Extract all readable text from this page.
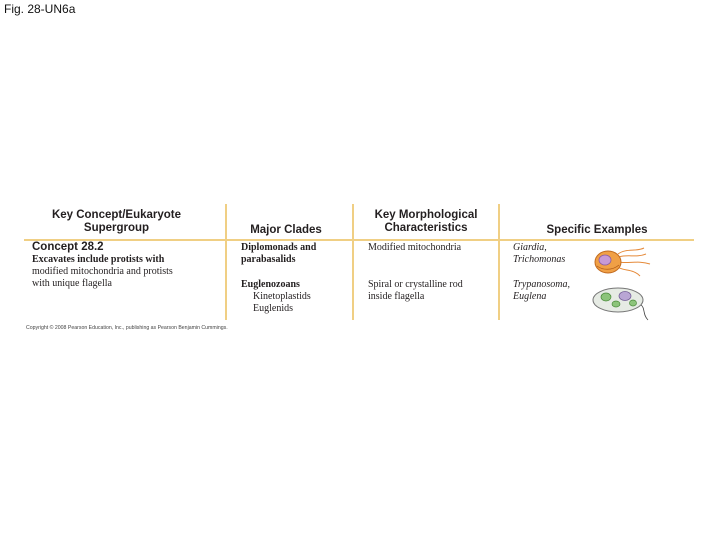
Fig. 28-UN6a
Key Concept/Eukaryote
Supergroup	Major Clades
Key Morphological
Characteristics	Specific Examples
Concept 28.2
Excavates include protists with
modified mitochondria and protists
with unique flagella
Diplomonads and
parabasalids
Euglenozoans
Kinetoplastids
Euglenids
Modified mitochondria
Spiral or crystalline rod
inside flagella
Giardia,
Trichomonas
Trypanosoma,
Euglena
Copyright © 2008 Pearson Education, Inc., publishing as Pearson Benjamin Cummings.
